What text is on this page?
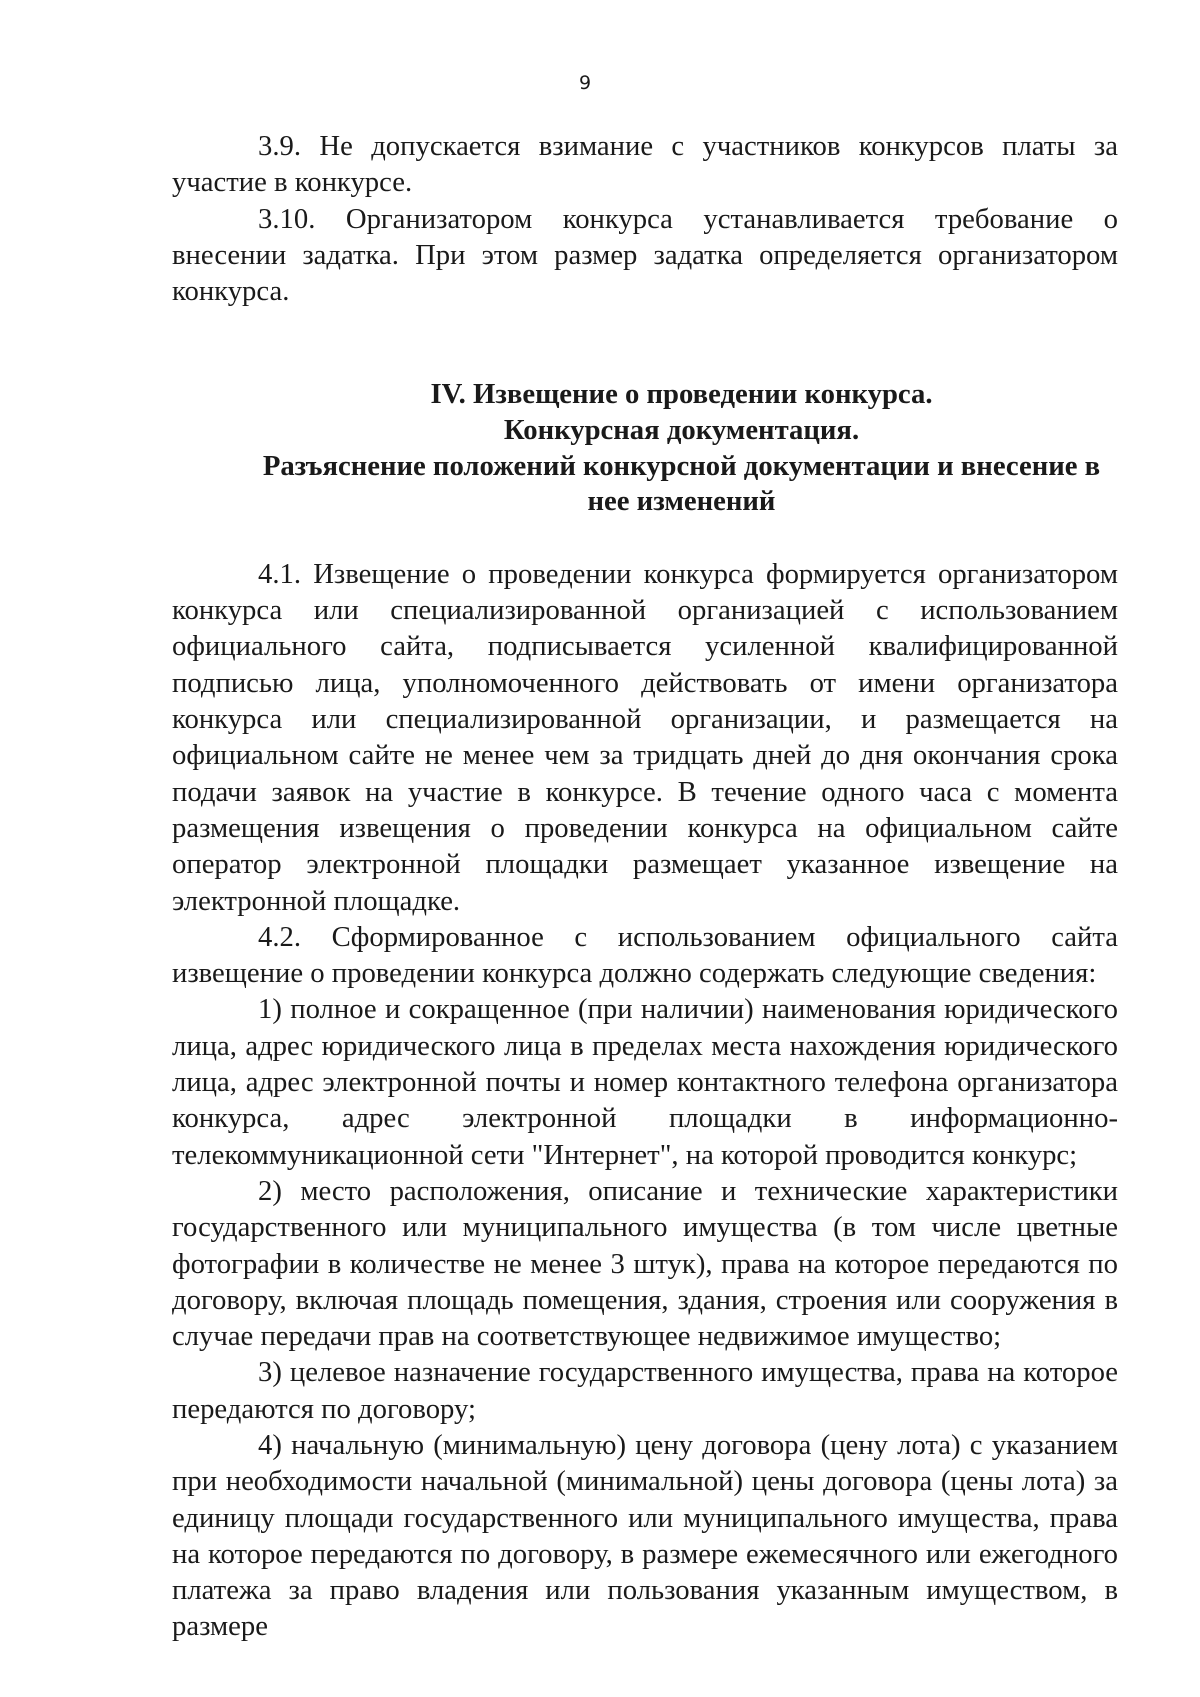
9

3.9. Не допускается взимание с участников конкурсов платы за участие в конкурсе.

3.10. Организатором конкурса устанавливается требование о внесении задатка. При этом размер задатка определяется организатором конкурса.

IV. Извещение о проведении конкурса.
Конкурсная документация.
Разъяснение положений конкурсной документации и внесение в нее изменений

4.1. Извещение о проведении конкурса формируется организатором конкурса или специализированной организацией с использованием официального сайта, подписывается усиленной квалифицированной подписью лица, уполномоченного действовать от имени организатора конкурса или специализированной организации, и размещается на официальном сайте не менее чем за тридцать дней до дня окончания срока подачи заявок на участие в конкурсе. В течение одного часа с момента размещения извещения о проведении конкурса на официальном сайте оператор электронной площадки размещает указанное извещение на электронной площадке.

4.2. Сформированное с использованием официального сайта извещение о проведении конкурса должно содержать следующие сведения:

1) полное и сокращенное (при наличии) наименования юридического лица, адрес юридического лица в пределах места нахождения юридического лица, адрес электронной почты и номер контактного телефона организатора конкурса, адрес электронной площадки в информационно-телекоммуникационной сети "Интернет", на которой проводится конкурс;

2) место расположения, описание и технические характеристики государственного или муниципального имущества (в том числе цветные фотографии в количестве не менее 3 штук), права на которое передаются по договору, включая площадь помещения, здания, строения или сооружения в случае передачи прав на соответствующее недвижимое имущество;

3) целевое назначение государственного имущества, права на которое передаются по договору;

4) начальную (минимальную) цену договора (цену лота) с указанием при необходимости начальной (минимальной) цены договора (цены лота) за единицу площади государственного или муниципального имущества, права на которое передаются по договору, в размере ежемесячного или ежегодного платежа за право владения или пользования указанным имуществом, в размере
